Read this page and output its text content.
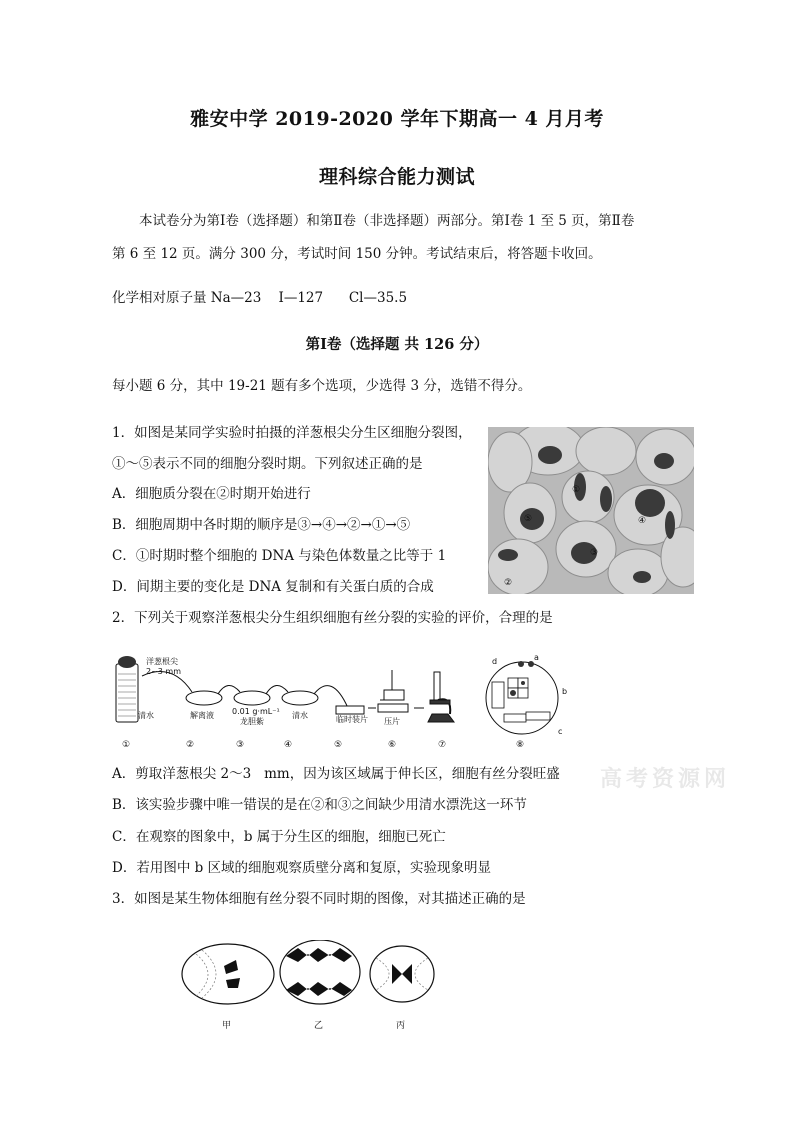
雅安中学 2019-2020 学年下期高一 4 月月考
理科综合能力测试
本试卷分为第Ⅰ卷（选择题）和第Ⅱ卷（非选择题）两部分。第Ⅰ卷 1 至 5 页，第Ⅱ卷
第 6 至 12 页。满分 300 分，考试时间 150 分钟。考试结束后，将答题卡收回。
化学相对原子量 Na—23    I—127      Cl—35.5
第Ⅰ卷（选择题 共 126 分）
每小题 6 分，其中 19-21 题有多个选项，少选得 3 分，选错不得分。
1．如图是某同学实验时拍摄的洋葱根尖分生区细胞分裂图，
①～⑤表示不同的细胞分裂时期。下列叙述正确的是
A．细胞质分裂在②时期开始进行
B．细胞周期中各时期的顺序是③→④→②→①→⑤
C．①时期时整个细胞的 DNA 与染色体数量之比等于 1
D．间期主要的变化是 DNA 复制和有关蛋白质的合成
①
②
③
④
⑤
2．下列关于观察洋葱根尖分生组织细胞有丝分裂的实验的评价，合理的是
洋葱根尖
2~3 mm
清水	解离液 0.01 g·mL⁻¹
龙胆紫
清水	临时装片 压片
d	a
b
c
①	②	③	④	⑤	⑥	⑦	⑧
A．剪取洋葱根尖 2～3   mm，因为该区域属于伸长区，细胞有丝分裂旺盛 高考资源网
B．该实验步骤中唯一错误的是在②和③之间缺少用清水漂洗这一环节
C．在观察的图象中，b 属于分生区的细胞，细胞已死亡
D．若用图中 b 区域的细胞观察质壁分离和复原，实验现象明显
3．如图是某生物体细胞有丝分裂不同时期的图像，对其描述正确的是
甲	乙	丙
